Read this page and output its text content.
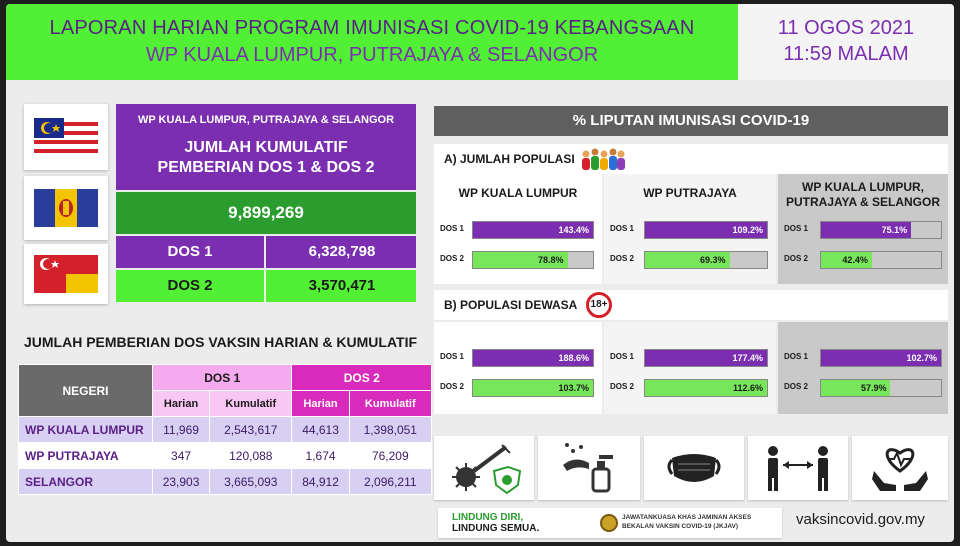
LAPORAN HARIAN PROGRAM IMUNISASI COVID-19 KEBANGSAAN
WP KUALA LUMPUR, PUTRAJAYA & SELANGOR
11 OGOS 2021
11:59 MALAM
WP KUALA LUMPUR, PUTRAJAYA & SELANGOR
JUMLAH KUMULATIF
PEMBERIAN DOS 1 & DOS 2
9,899,269
DOS 1	6,328,798
DOS 2	3,570,471
JUMLAH PEMBERIAN DOS VAKSIN HARIAN & KUMULATIF
NEGERI	DOS 1		DOS 2	
	Harian	Kumulatif	Harian	Kumulatif
WP KUALA LUMPUR	11,969	2,543,617	44,613	1,398,051
WP PUTRAJAYA	347	120,088	1,674	76,209
SELANGOR	23,903	3,665,093	84,912	2,096,211
% LIPUTAN IMUNISASI COVID-19
A) JUMLAH POPULASI
B) POPULASI DEWASA	18+
WP KUALA LUMPUR
DOS 1	143.4%
DOS 2	78.8%
WP PUTRAJAYA
DOS 1	109.2%
DOS 2	69.3%
WP KUALA LUMPUR, PUTRAJAYA & SELANGOR
DOS 1	75.1%
DOS 2	42.4%
DOS 1	188.6%
DOS 2	103.7%
DOS 1	177.4%
DOS 2	112.6%
DOS 1	102.7%
DOS 2	57.9%
LINDUNG DIRI,
LINDUNG SEMUA.
JAWATANKUASA KHAS JAMINAN AKSES
BEKALAN VAKSIN COVID-19 (JKJAV)	vaksincovid.gov.my
